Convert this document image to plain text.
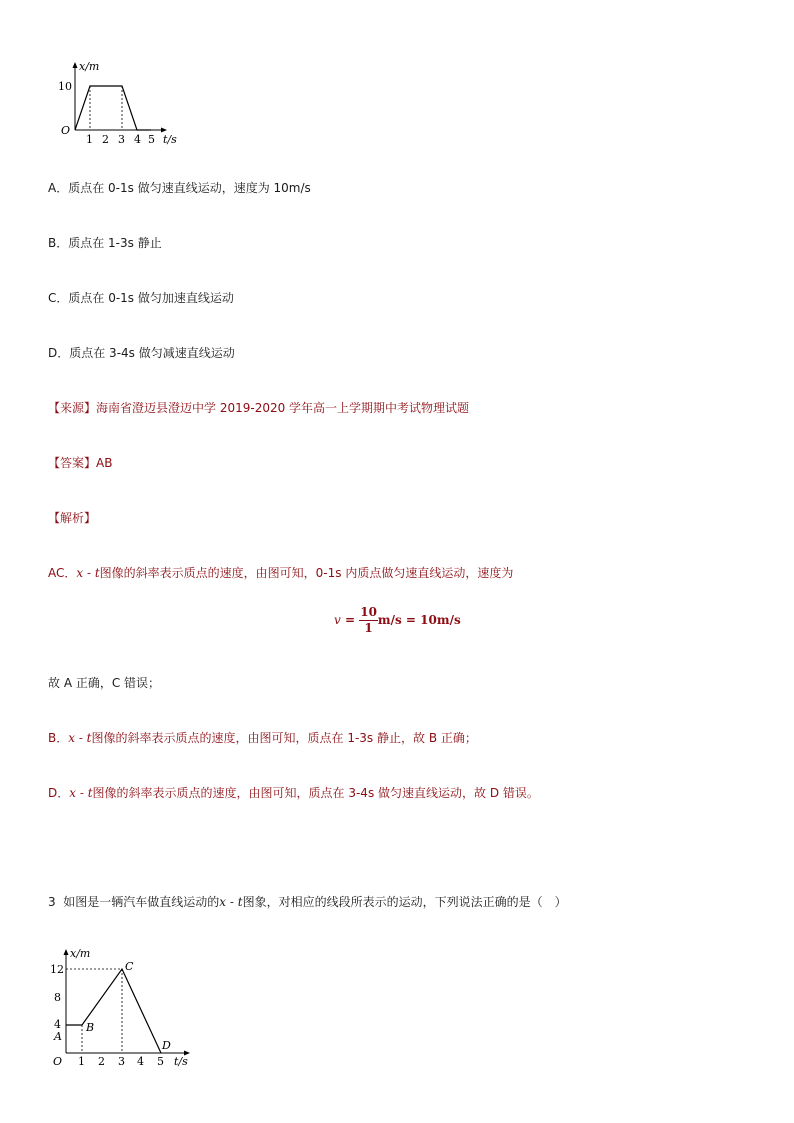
x/m
10
O
1 2 3 4 5 t/s
A．质点在 0-1s 做匀速直线运动，速度为 10m/s
B．质点在 1-3s 静止
C．质点在 0-1s 做匀加速直线运动
D．质点在 3-4s 做匀减速直线运动
【来源】海南省澄迈县澄迈中学 2019-2020 学年高一上学期期中考试物理试题
【答案】AB
【解析】
AC．x - t图像的斜率表示质点的速度，由图可知，0-1s 内质点做匀速直线运动，速度为
$v = \frac{10}{1} m/s = 10m/s$
故 A 正确，C 错误；
B．x - t图像的斜率表示质点的速度，由图可知，质点在 1-3s 静止，故 B 正确；
D．x - t图像的斜率表示质点的速度，由图可知，质点在 3-4s 做匀速直线运动，故 D 错误。
3 如图是一辆汽车做直线运动的x - t图象，对相应的线段所表示的运动，下列说法正确的是（　）
x/m
12
8
4
A
B
C
D
O 1 2 3 4 5 t/s
